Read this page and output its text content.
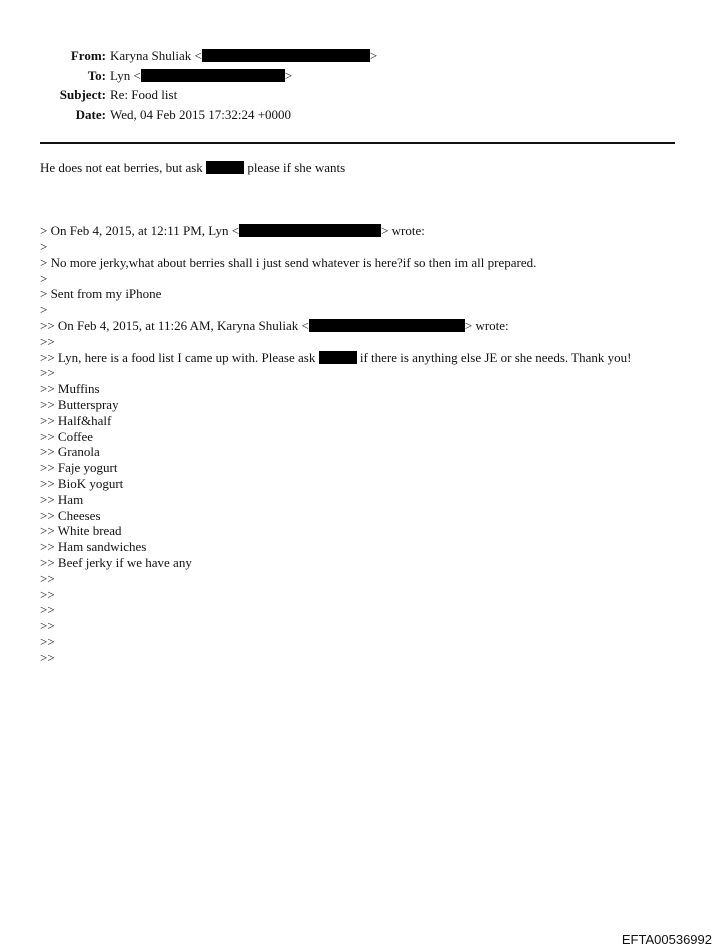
From: Karyna Shuliak <	>
To: Lyn <	>
Subject: Re: Food list
Date: Wed, 04 Feb 2015 17:32:24 +0000
He does not eat berries, but ask	please if she wants
> On Feb 4, 2015, at 12:11 PM, Lyn <	> wrote:
>
> No more jerky,what about berries shall i just send whatever is here?if so then im all prepared.
>
> Sent from my iPhone
>
>> On Feb 4, 2015, at 11:26 AM, Karyna Shuliak <	> wrote:
>>
>> Lyn, here is a food list I came up with. Please ask	if there is anything else JE or she needs. Thank you!
>>
>> Muffins
>> Butterspray
>> Half&half
>> Coffee
>> Granola
>> Faje yogurt
>> BioK yogurt
>> Ham
>> Cheeses
>> White bread
>> Ham sandwiches
>> Beef jerky if we have any
>>
>>
>>
>>
>>
>>
EFTA00536992
